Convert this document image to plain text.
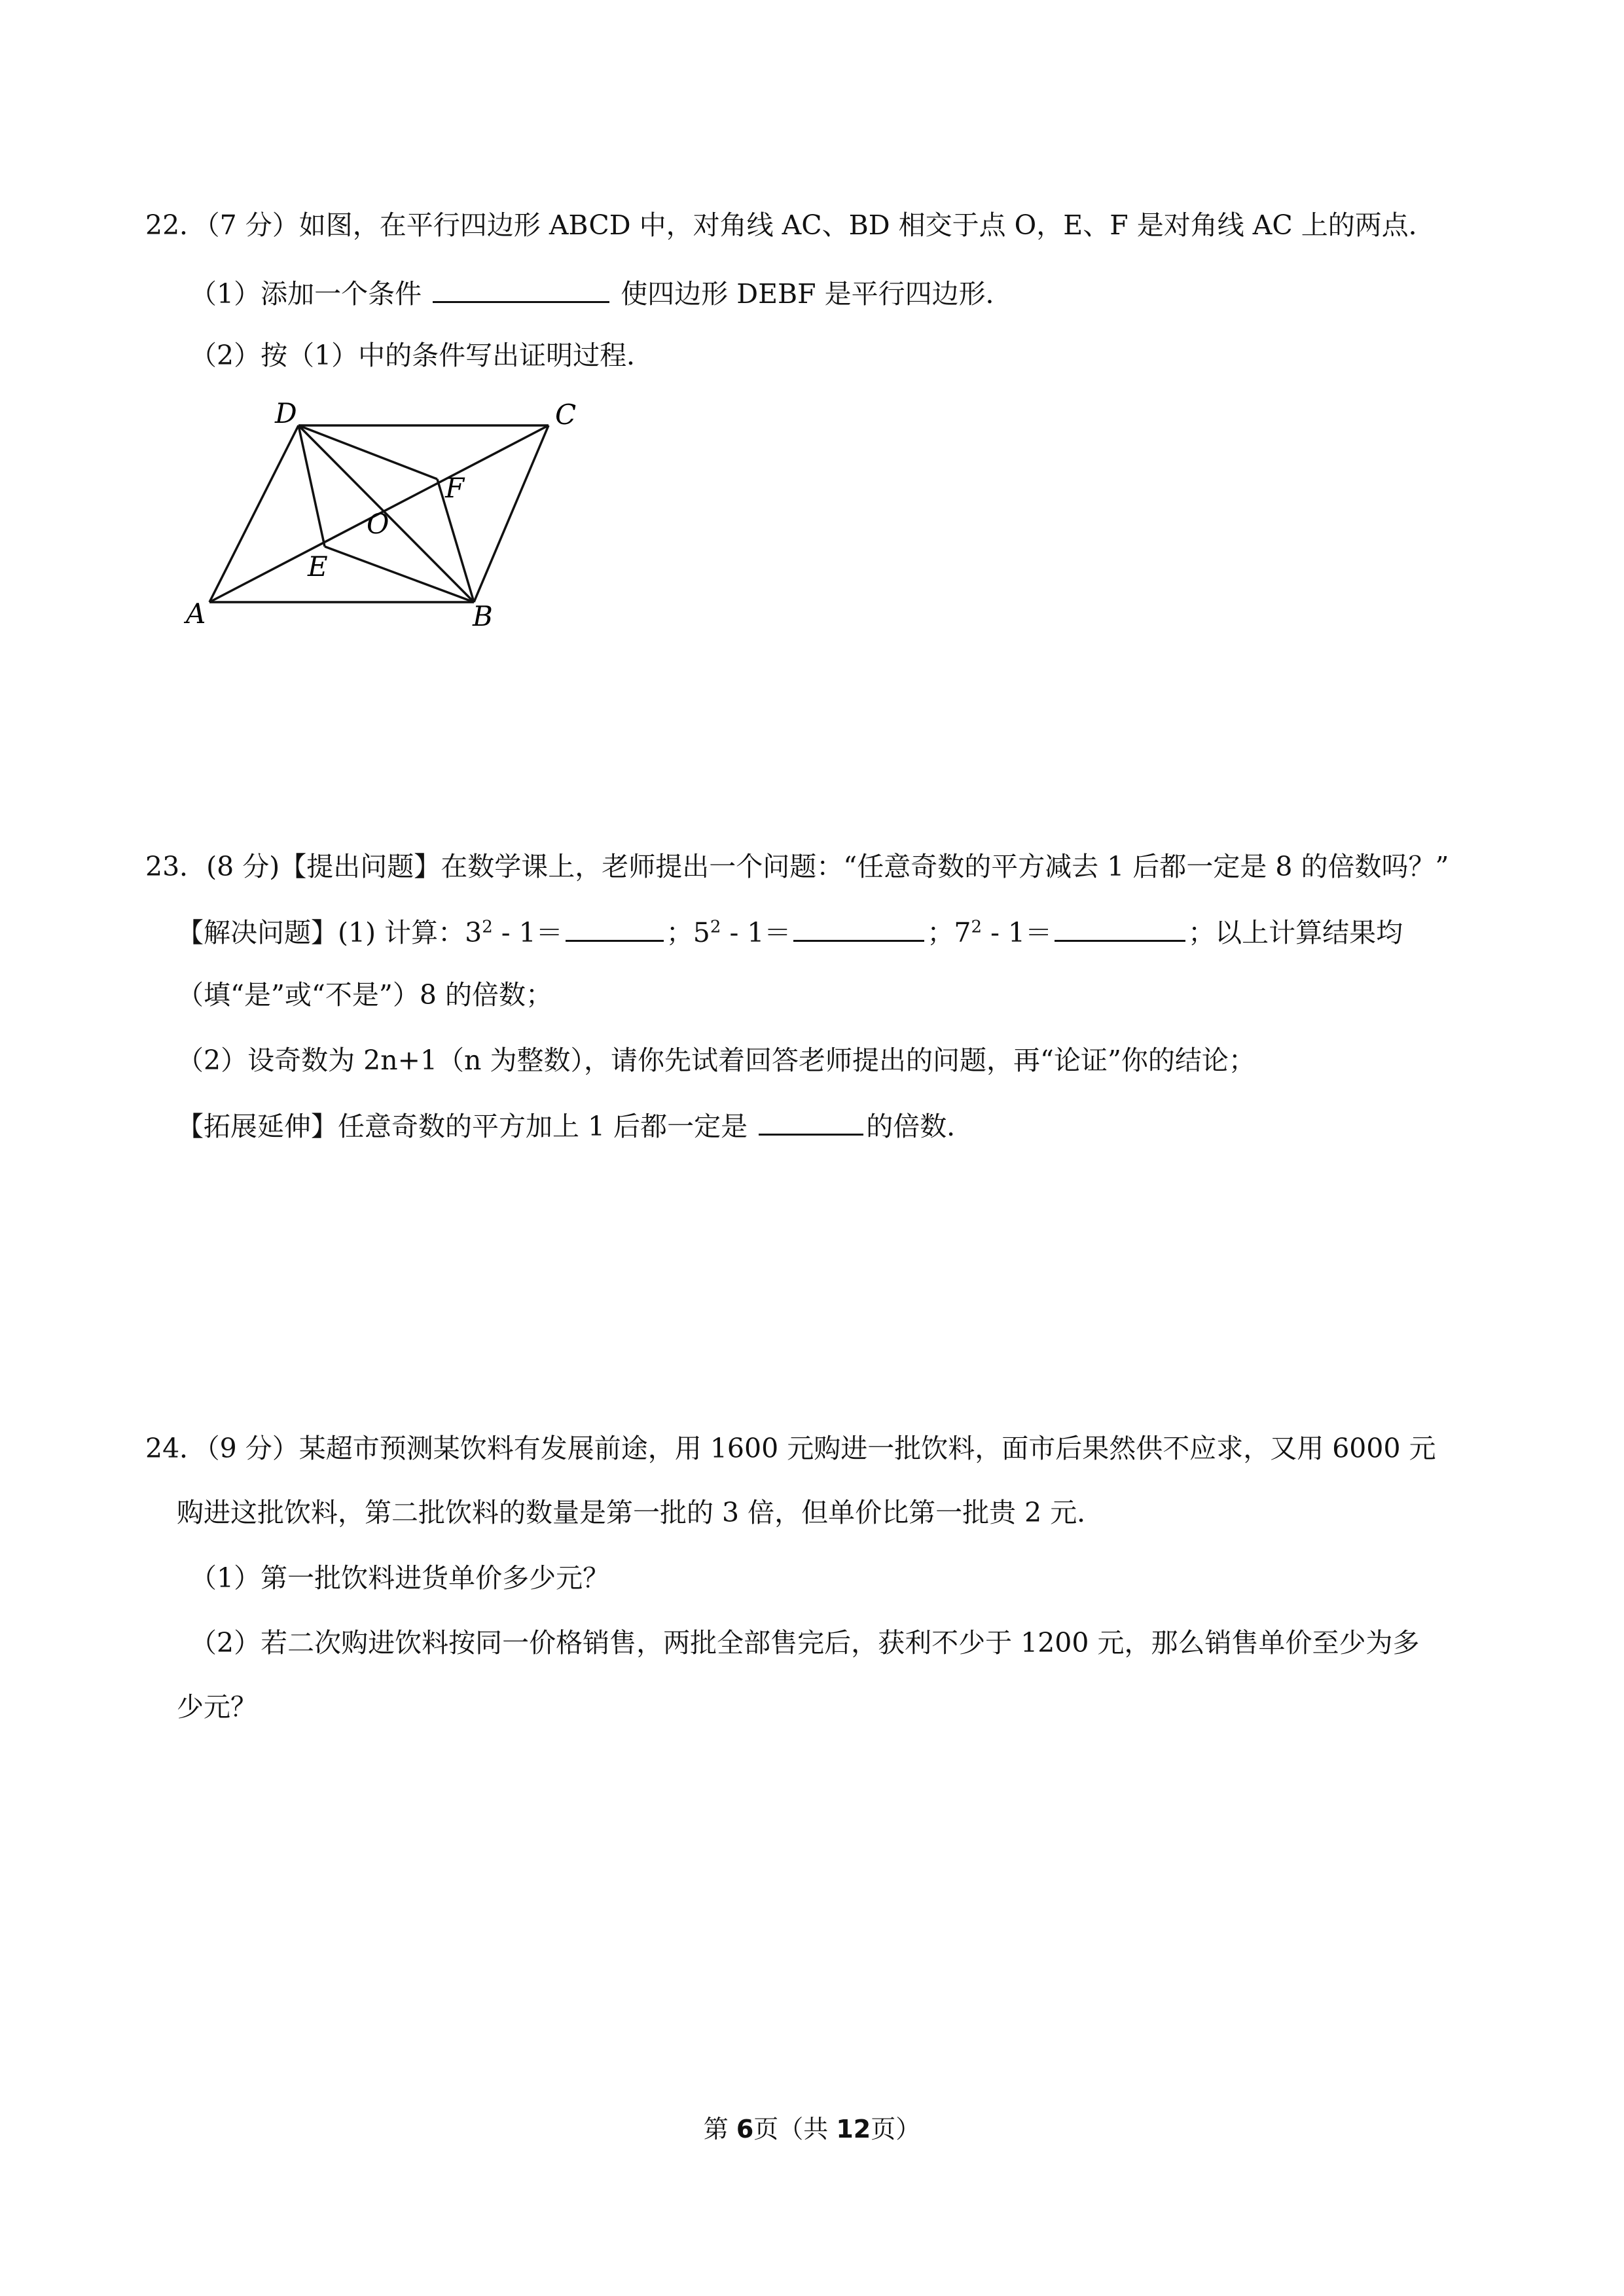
22．（7 分）如图，在平行四边形 ABCD 中，对角线 AC、BD 相交于点 O，E、F 是对角线 AC 上的两点．
（1）添加一个条件	使四边形 DEBF 是平行四边形．
（2）按（1）中的条件写出证明过程．
A	B
C
D
E
F
O
23．(8 分)【提出问题】在数学课上，老师提出一个问题：“任意奇数的平方减去 1 后都一定是 8 的倍数吗？”
【解决问题】(1) 计算：$3^2 - 1=$	；$5^2 - 1=$	；$7^2 - 1=$	；以上计算结果均
（填“是”或“不是”）8 的倍数；
（2）设奇数为 2n+1（n 为整数），请你先试着回答老师提出的问题，再“论证”你的结论；
【拓展延伸】任意奇数的平方加上 1 后都一定是	的倍数．
24．（9 分）某超市预测某饮料有发展前途，用 1600 元购进一批饮料，面市后果然供不应求，又用 6000 元
购进这批饮料，第二批饮料的数量是第一批的 3 倍，但单价比第一批贵 2 元．
（1）第一批饮料进货单价多少元？
（2）若二次购进饮料按同一价格销售，两批全部售完后，获利不少于 1200 元，那么销售单价至少为多
少元？
第 6页（共 12页）
